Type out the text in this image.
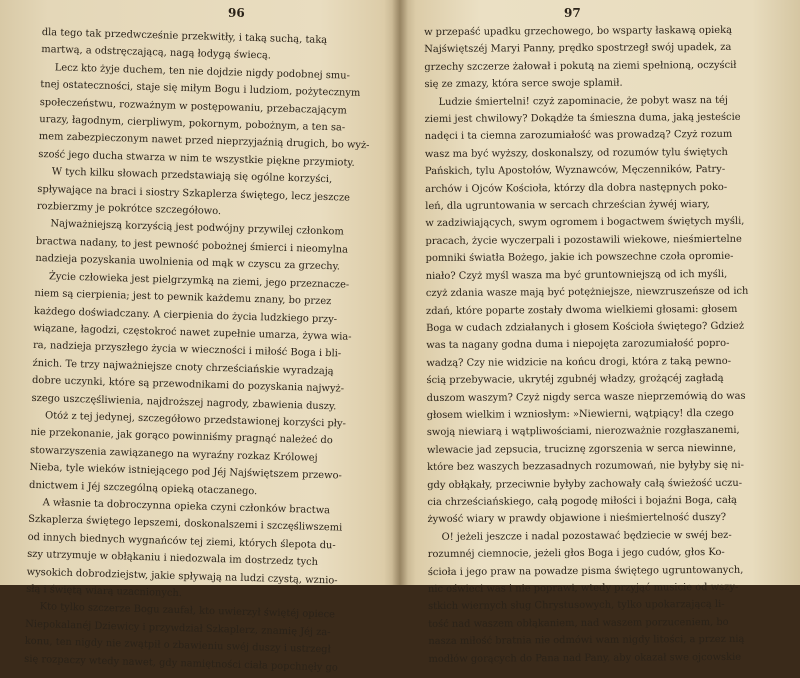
96
dla tego tak przedwcześnie przekwitły, i taką suchą, taką
martwą, a odstręczającą, nagą łodygą świecą.
Lecz kto żyje duchem, ten nie dojdzie nigdy podobnej smu-
tnej ostateczności, staje się miłym Bogu i ludziom, pożytecznym
społeczeństwu, rozważnym w postępowaniu, przebaczającym
urazy, łagodnym, cierpliwym, pokornym, pobożnym, a ten sa-
mem zabezpieczonym nawet przed nieprzyjaźnią drugich, bo wyż-
szość jego ducha stwarza w nim te wszystkie piękne przymioty.
W tych kilku słowach przedstawiają się ogólne korzyści,
spływające na braci i siostry Szkaplerza świętego, lecz jeszcze
rozbierzmy je pokrótce szczegółowo.
Najważniejszą korzyścią jest podwójny przywilej członkom
bractwa nadany, to jest pewność pobożnej śmierci i nieomylna
nadzieja pozyskania uwolnienia od mąk w czyscu za grzechy.
Życie człowieka jest pielgrzymką na ziemi, jego przeznacze-
niem są cierpienia; jest to pewnik każdemu znany, bo przez
każdego doświadczany. A cierpienia do życia ludzkiego przy-
wiązane, łagodzi, częstokroć nawet zupełnie umarza, żywa wia-
ra, nadzieja przyszłego życia w wieczności i miłość Boga i bli-
źnich. Te trzy najważniejsze cnoty chrześciańskie wyradzają
dobre uczynki, które są przewodnikami do pozyskania najwyż-
szego uszczęśliwienia, najdroższej nagrody, zbawienia duszy.
Otóż z tej jedynej, szczegółowo przedstawionej korzyści pły-
nie przekonanie, jak gorąco powinniśmy pragnąć należeć do
stowarzyszenia zawiązanego na wyraźny rozkaz Królowej
Nieba, tyle wieków istniejącego pod Jéj Najświętszem przewo-
dnictwem i Jéj szczególną opieką otaczanego.
A własnie ta dobroczynna opieka czyni członków bractwa
Szkaplerza świętego lepszemi, doskonalszemi i szczęśliwszemi
od innych biednych wygnańców tej ziemi, których ślepota du-
szy utrzymuje w obłąkaniu i niedozwala im dostrzedz tych
wysokich dobrodziejstw, jakie spływają na ludzi czystą, wznio-
słą i świętą wiarą uzacnionych.
Kto tylko szczerze Bogu zaufał, kto uwierzył świętéj opiece
Niepokalanéj Dziewicy i przywdział Szkaplerz, znamię Jéj za-
konu, ten nigdy nie zwątpił o zbawieniu swéj duszy i ustrzegł
się rozpaczy wtedy nawet, gdy namiętności ciała popchnęły go
97
w przepaść upadku grzechowego, bo wsparty łaskawą opieką
Najświętszéj Maryi Panny, prędko spostrzegł swój upadek, za
grzechy szczerze żałował i pokutą na ziemi spełnioną, oczyścił
się ze zmazy, która serce swoje splamił.
Ludzie śmiertelni! czyż zapominacie, że pobyt wasz na téj
ziemi jest chwilowy? Dokądże ta śmieszna duma, jaką jesteście
nadęci i ta ciemna zarozumiałość was prowadzą? Czyż rozum
wasz ma być wyższy, doskonalszy, od rozumów tylu świętych
Pańskich, tylu Apostołów, Wyznawców, Męczenników, Patry-
archów i Ojców Kościoła, którzy dla dobra następnych poko-
leń, dla ugruntowania w sercach chrześcian żywéj wiary,
w zadziwiających, swym ogromem i bogactwem świętych myśli,
pracach, życie wyczerpali i pozostawili wiekowe, nieśmiertelne
pomniki światła Bożego, jakie ich powszechne czoła opromie-
niało? Czyż myśl wasza ma być gruntowniejszą od ich myśli,
czyż zdania wasze mają być potężniejsze, niewzruszeńsze od ich
zdań, które poparte zostały dwoma wielkiemi głosami: głosem
Boga w cudach zdziałanych i głosem Kościoła świętego? Gdzież
was ta nagany godna duma i niepojęta zarozumiałość popro-
wadzą? Czy nie widzicie na końcu drogi, która z taką pewno-
ścią przebywacie, ukrytéj zgubnéj władzy, grożącéj zagładą
duszom waszym? Czyż nigdy serca wasze nieprzemówią do was
głosem wielkim i wzniosłym: »Niewierni, wątpiący! dla czego
swoją niewiarą i wątpliwościami, nierozważnie rozgłaszanemi,
wlewacie jad zepsucia, truciznę zgorszenia w serca niewinne,
które bez waszych bezzasadnych rozumowań, nie byłyby się ni-
gdy obłąkały, przeciwnie byłyby zachowały całą świeżość uczu-
cia chrześciańskiego, całą pogodę miłości i bojaźni Boga, całą
żywość wiary w prawdy objawione i nieśmiertelność duszy?
O! jeżeli jeszcze i nadal pozostawać będziecie w swéj bez-
rozumnéj ciemnocie, jeżeli głos Boga i jego cudów, głos Ko-
ścioła i jego praw na powadze pisma świętego ugruntowanych,
nic oświeci was i nie poprawi, wtedy przyjąć musicie od wszy-
stkich wiernych sług Chrystusowych, tylko upokarzającą li-
tość nad waszem obłąkaniem, nad waszem porzuceniem, bo
nasza miłość bratnia nie odmówi wam nigdy litości, a przez nią
modłów gorących do Pana nad Pany, aby okazał swe ojcowskie
